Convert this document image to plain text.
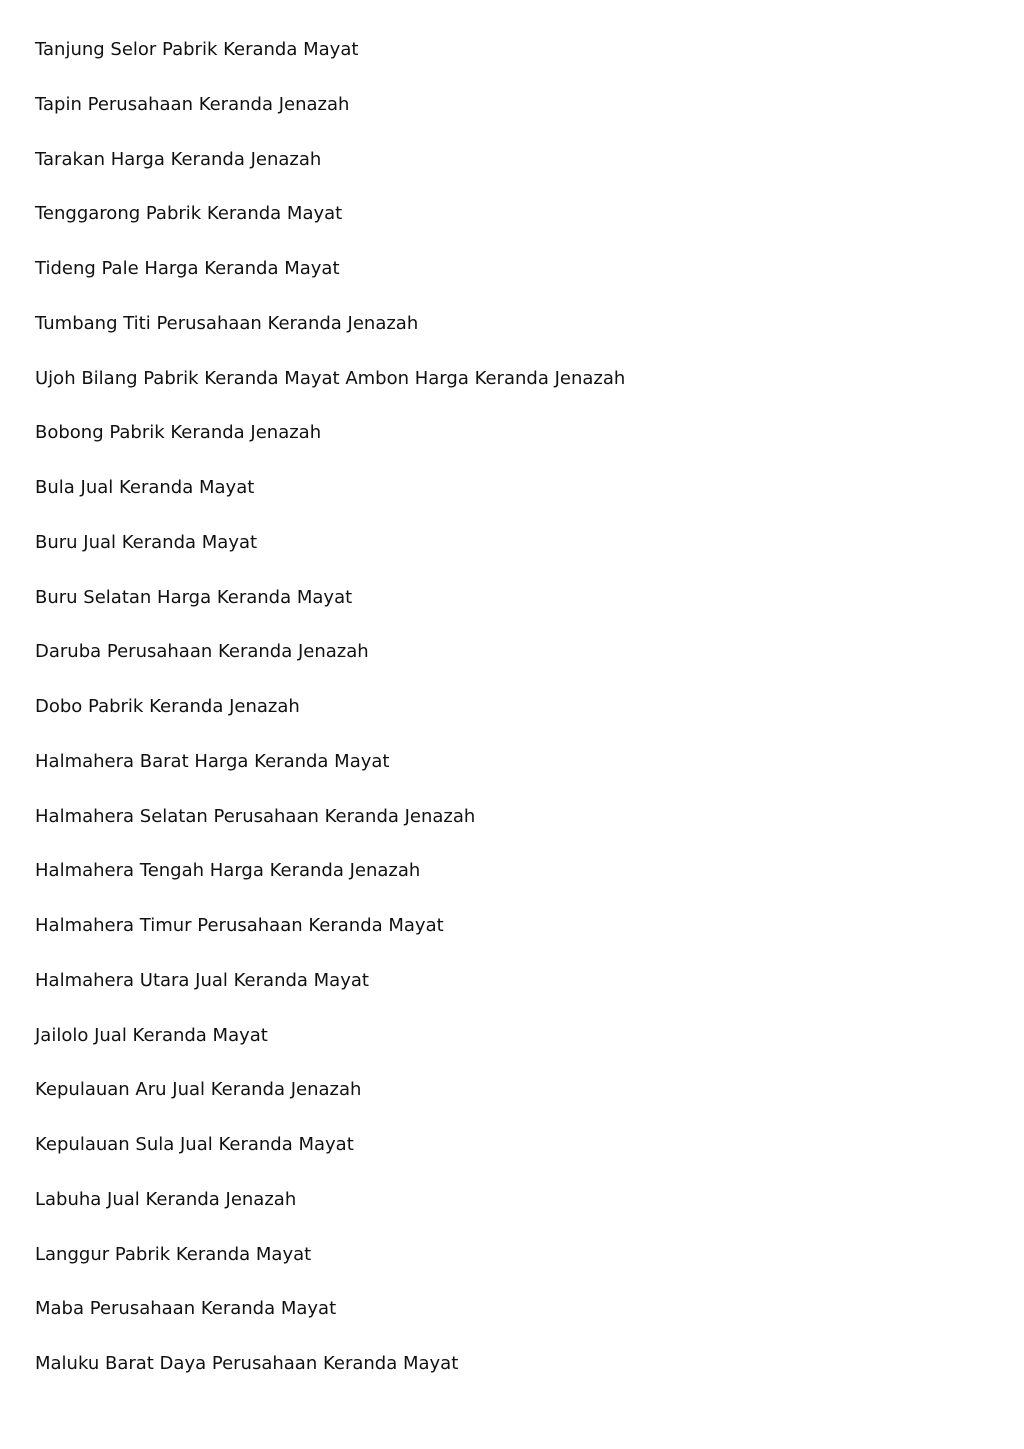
Tanjung Selor Pabrik Keranda Mayat
Tapin Perusahaan Keranda Jenazah
Tarakan Harga Keranda Jenazah
Tenggarong Pabrik Keranda Mayat
Tideng Pale Harga Keranda Mayat
Tumbang Titi Perusahaan Keranda Jenazah
Ujoh Bilang Pabrik Keranda Mayat Ambon Harga Keranda Jenazah
Bobong Pabrik Keranda Jenazah
Bula Jual Keranda Mayat
Buru Jual Keranda Mayat
Buru Selatan Harga Keranda Mayat
Daruba Perusahaan Keranda Jenazah
Dobo Pabrik Keranda Jenazah
Halmahera Barat Harga Keranda Mayat
Halmahera Selatan Perusahaan Keranda Jenazah
Halmahera Tengah Harga Keranda Jenazah
Halmahera Timur Perusahaan Keranda Mayat
Halmahera Utara Jual Keranda Mayat
Jailolo Jual Keranda Mayat
Kepulauan Aru Jual Keranda Jenazah
Kepulauan Sula Jual Keranda Mayat
Labuha Jual Keranda Jenazah
Langgur Pabrik Keranda Mayat
Maba Perusahaan Keranda Mayat
Maluku Barat Daya Perusahaan Keranda Mayat
